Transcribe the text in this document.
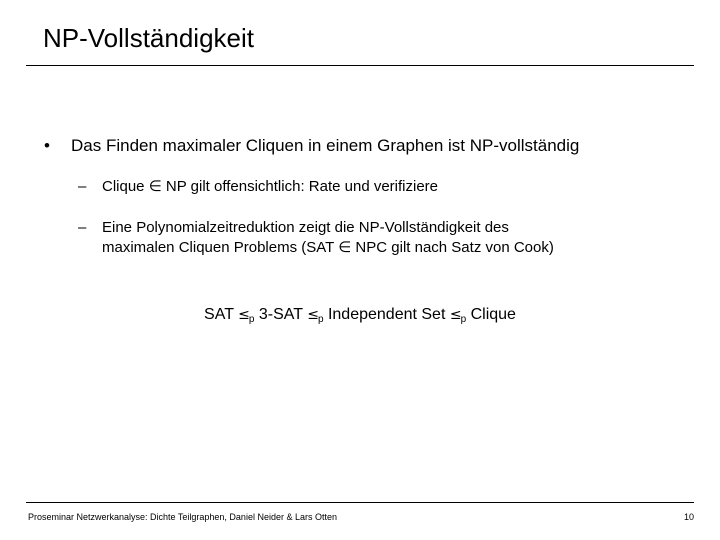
NP-Vollständigkeit
• Das Finden maximaler Cliquen in einem Graphen ist NP-vollständig
– Clique ∈ NP gilt offensichtlich: Rate und verifiziere
– Eine Polynomialzeitreduktion zeigt die NP-Vollständigkeit des
maximalen Cliquen Problems (SAT ∈ NPC gilt nach Satz von Cook)
SAT ≤p 3-SAT ≤p Independent Set ≤p Clique
Proseminar Netzwerkanalyse: Dichte Teilgraphen, Daniel Neider & Lars Otten	10
